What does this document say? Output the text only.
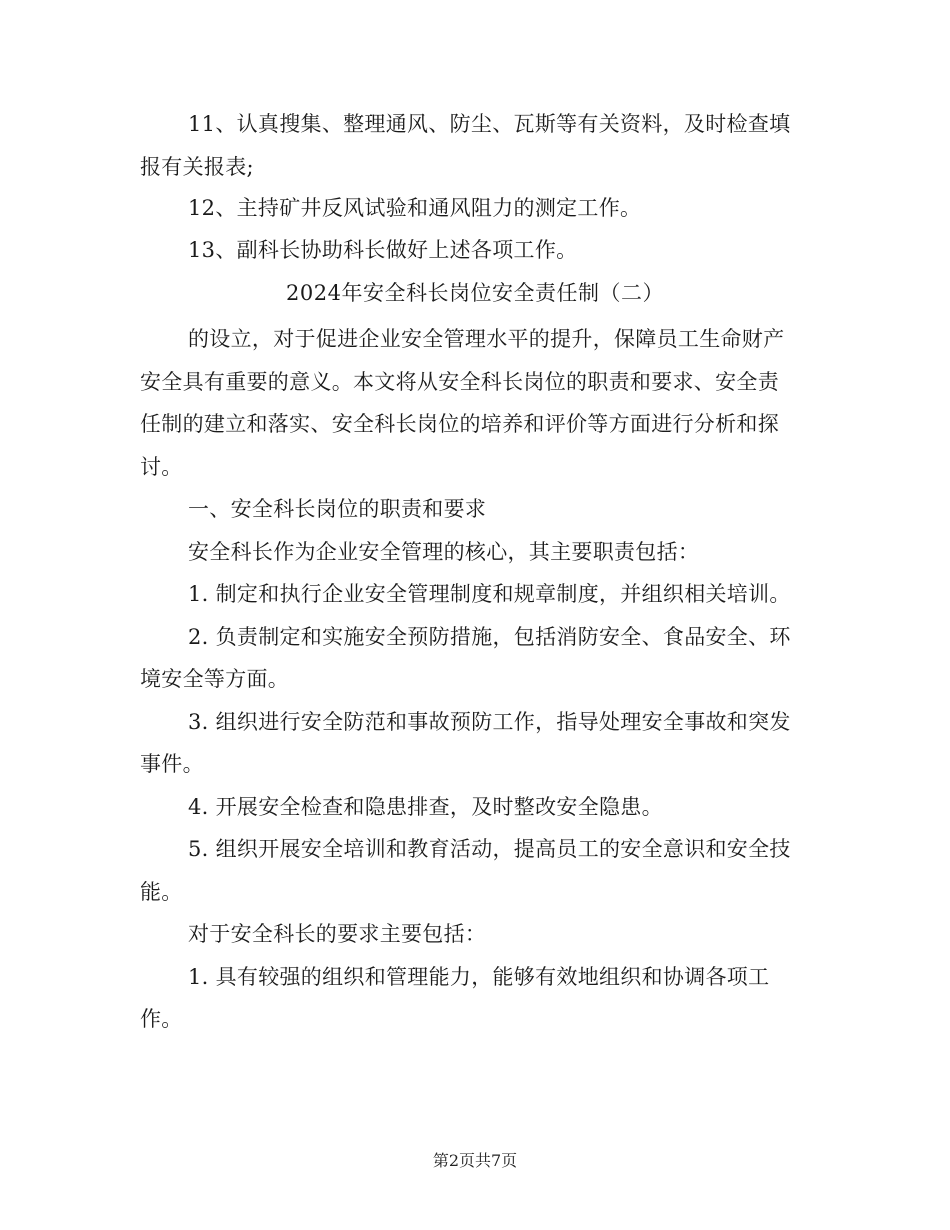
11、认真搜集、整理通风、防尘、瓦斯等有关资料，及时检查填
报有关报表;
12、主持矿井反风试验和通风阻力的测定工作。
13、副科长协助科长做好上述各项工作。
2024年安全科长岗位安全责任制（二）
的设立，对于促进企业安全管理水平的提升，保障员工生命财产
安全具有重要的意义。本文将从安全科长岗位的职责和要求、安全责
任制的建立和落实、安全科长岗位的培养和评价等方面进行分析和探
讨。
一、安全科长岗位的职责和要求
安全科长作为企业安全管理的核心，其主要职责包括：
1. 制定和执行企业安全管理制度和规章制度，并组织相关培训。
2. 负责制定和实施安全预防措施，包括消防安全、食品安全、环
境安全等方面。
3. 组织进行安全防范和事故预防工作，指导处理安全事故和突发
事件。
4. 开展安全检查和隐患排查，及时整改安全隐患。
5. 组织开展安全培训和教育活动，提高员工的安全意识和安全技
能。
对于安全科长的要求主要包括：
1. 具有较强的组织和管理能力，能够有效地组织和协调各项工
作。
第2页共7页
